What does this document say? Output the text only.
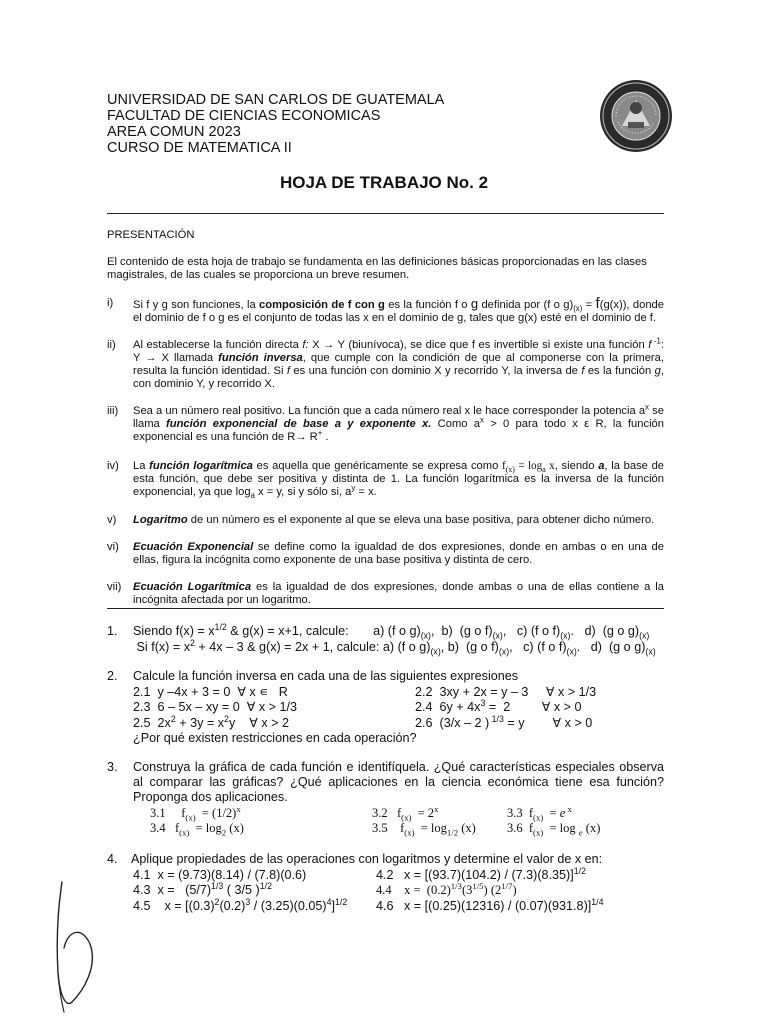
UNIVERSIDAD DE SAN CARLOS DE GUATEMALA
FACULTAD DE CIENCIAS ECONOMICAS
AREA COMUN 2023
CURSO DE MATEMATICA II
HOJA DE TRABAJO No. 2
PRESENTACIÓN
El contenido de esta hoja de trabajo se fundamenta en las definiciones básicas proporcionadas en las clases magistrales, de las cuales se proporciona un breve resumen.
i) Si f y g son funciones, la composición de f con g es la función f o g definida por (f o $g)_{(x)} = f(g(x))$, donde el dominio de f o g es el conjunto de todas las x en el dominio de g, tales que g(x) esté en el dominio de f.
ii) Al establecerse la función directa f: X → Y (biunívoca), se dice que f es invertible si existe una función f $^{-1}$: Y → X llamada función inversa, que cumple con la condición de que al componerse con la primera, resulta la función identidad. Si f es una función con dominio X y recorrido Y, la inversa de f es la función g, con dominio Y, y recorrido X.
iii) Sea a un número real positivo. La función que a cada número real x le hace corresponder la potencia $a^x$ se llama función exponencial de base a y exponente x. Como $a^x > 0$ para todo x ε R, la función exponencial es una función de R→ R+ .
iv) La función logarítmica es aquella que genéricamente se expresa como $f_{(x)} = \log_a x$, siendo a, la base de esta función, que debe ser positiva y distinta de 1. La función logarítmica es la inversa de la función exponencial, ya que $\log_a x = y$, si y sólo si, $a^y = x$.
v) Logaritmo de un número es el exponente al que se eleva una base positiva, para obtener dicho número.
vi) Ecuación Exponencial se define como la igualdad de dos expresiones, donde en ambas o en una de ellas, figura la incógnita como exponente de una base positiva y distinta de cero.
vii) Ecuación Logarítmica es la igualdad de dos expresiones, donde ambas o una de ellas contiene a la incógnita afectada por un logaritmo.
1. Siendo $f(x) = x^{1/2}$ & g(x) = x+1, calcule:       a) (f o $g)_{(x)}$,  b)  (g o $f)_{(x)}$,   c) (f o $f)_{(x)}$.   d)  (g o $g)_{(x)}$
Si $f(x) = x^2 + 4x - 3$ & g(x) = 2x + 1, calcule: a) (f o $g)_{(x)}$, b)  (g o $f)_{(x)}$,   c) (f o $f)_{(x)}$.   d)  (g o $g)_{(x)}$
2. Calcule la función inversa en cada una de las siguientes expresiones
2.1  y –4x + 3 = 0  ∀ x ∊   R	2.2  3xy + 2x = y – 3     ∀ x > 1/3
2.3  6 – 5x – xy = 0  ∀ x > 1/3	2.4  $6y + 4x^3 = 2$         ∀ x > 0
2.5  $2x^2 + 3y = x^2y$    ∀ x > 2	2.6  (3/x – 2 ) $^{1/3}$ = y        ∀ x > 0
¿Por qué existen restricciones en cada operación?
3. Construya la gráfica de cada función e identifíquela. ¿Qué características especiales observa al comparar las gráficas? ¿Qué aplicaciones en la ciencia económica tiene esa función? Proponga dos aplicaciones.
3.1     $f_{(x)} = (1/2)^x$	3.2   $f_{(x)} = 2^x$	3.3  $f_{(x)} = e$ $^x$
3.4   $f_{(x)} = \log_2 (x)$	3.5    $f_{(x)} = \log_{1/2} (x)$ 3.6  $f_{(x)} = \log _e$ (x)
4. Aplique propiedades de las operaciones con logaritmos y determine el valor de x en:
4.1  x = (9.73)(8.14) / (7.8)(0.6)	4.2   x = [(93.7)(104.2) / (7.3)(8.35)]$^{1/2}$
4.3  $x = (5/7)^{1/3}$ ( 3/5 )$^{1/2}$	4.4    $x = (0.2)^{1/3}(3^{1/5})$ $(2^{1/7})$
4.5    $x = [(0.3)^2(0.2)^3 / (3.25)(0.05)^4]^{1/2}$ 4.6   x = [(0.25)(12316) / (0.07)(931.8)]$^{1/4}$
